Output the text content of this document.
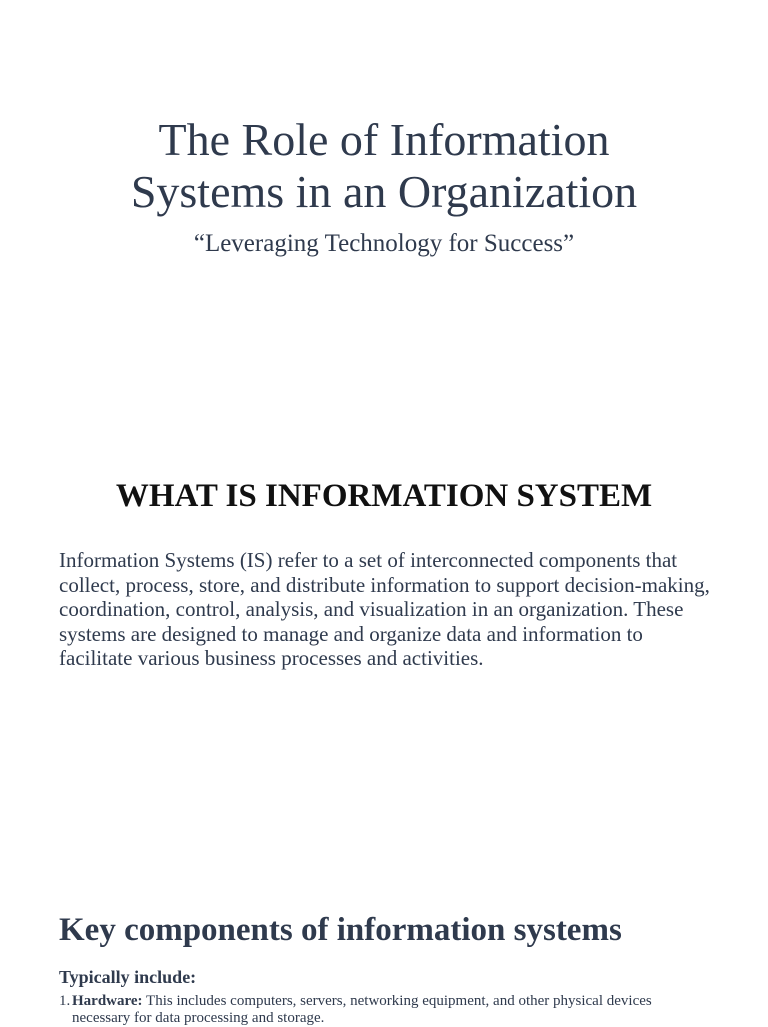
The Role of Information
Systems in an Organization

“Leveraging Technology for Success”

WHAT IS INFORMATION SYSTEM

Information Systems (IS) refer to a set of interconnected components that collect, process, store, and distribute information to support decision-making, coordination, control, analysis, and visualization in an organization. These systems are designed to manage and organize data and information to facilitate various business processes and activities.

Key components of information systems

Typically include:

1. Hardware: This includes computers, servers, networking equipment, and other physical devices necessary for data processing and storage.
